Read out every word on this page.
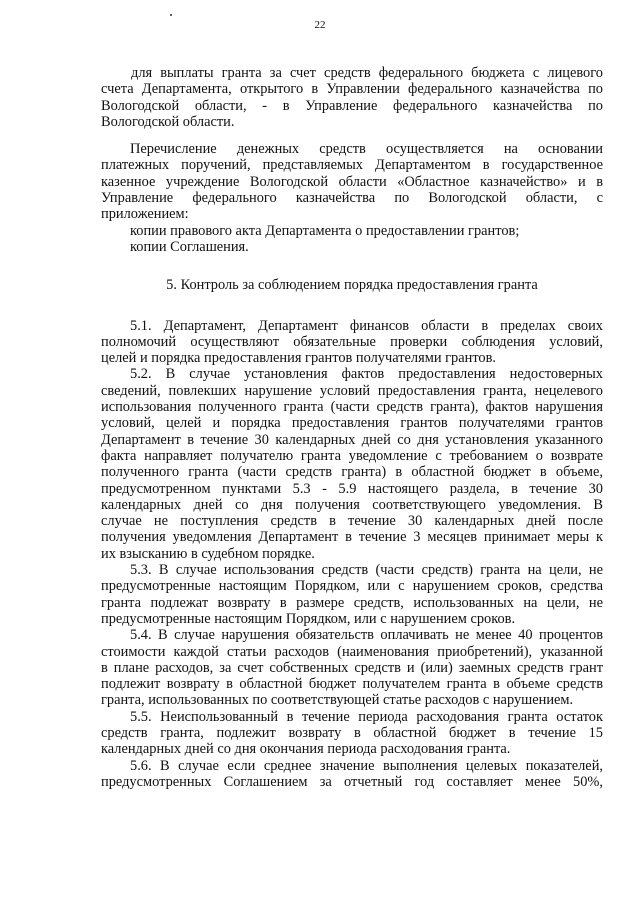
22
для выплаты гранта за счет средств федерального бюджета с лицевого
счета Департамента, открытого в Управлении федерального казначейства по
Вологодской области, - в Управление федерального казначейства по
Вологодской области.
Перечисление денежных средств осуществляется на основании
платежных поручений, представляемых Департаментом в государственное
казенное учреждение Вологодской области «Областное казначейство» и в
Управление федерального казначейства по Вологодской области, с
приложением:
копии правового акта Департамента о предоставлении грантов;
копии Соглашения.
5. Контроль за соблюдением порядка предоставления гранта
5.1. Департамент, Департамент финансов области в пределах своих
полномочий осуществляют обязательные проверки соблюдения условий,
целей и порядка предоставления грантов получателями грантов.
5.2. В случае установления фактов предоставления недостоверных
сведений, повлекших нарушение условий предоставления гранта, нецелевого
использования полученного гранта (части средств гранта), фактов нарушения
условий, целей и порядка предоставления грантов получателями грантов
Департамент в течение 30 календарных дней со дня установления указанного
факта направляет получателю гранта уведомление с требованием о возврате
полученного гранта (части средств гранта) в областной бюджет в объеме,
предусмотренном пунктами 5.3 - 5.9 настоящего раздела, в течение 30
календарных дней со дня получения соответствующего уведомления. В
случае не поступления средств в течение 30 календарных дней после
получения уведомления Департамент в течение 3 месяцев принимает меры к
их взысканию в судебном порядке.
5.3. В случае использования средств (части средств) гранта на цели, не
предусмотренные настоящим Порядком, или с нарушением сроков, средства
гранта подлежат возврату в размере средств, использованных на цели, не
предусмотренные настоящим Порядком, или с нарушением сроков.
5.4. В случае нарушения обязательств оплачивать не менее 40 процентов
стоимости каждой статьи расходов (наименования приобретений), указанной
в плане расходов, за счет собственных средств и (или) заемных средств грант
подлежит возврату в областной бюджет получателем гранта в объеме средств
гранта, использованных по соответствующей статье расходов с нарушением.
5.5. Неиспользованный в течение периода расходования гранта остаток
средств гранта, подлежит возврату в областной бюджет в течение 15
календарных дней со дня окончания периода расходования гранта.
5.6. В случае если среднее значение выполнения целевых показателей,
предусмотренных Соглашением за отчетный год составляет менее 50%,
